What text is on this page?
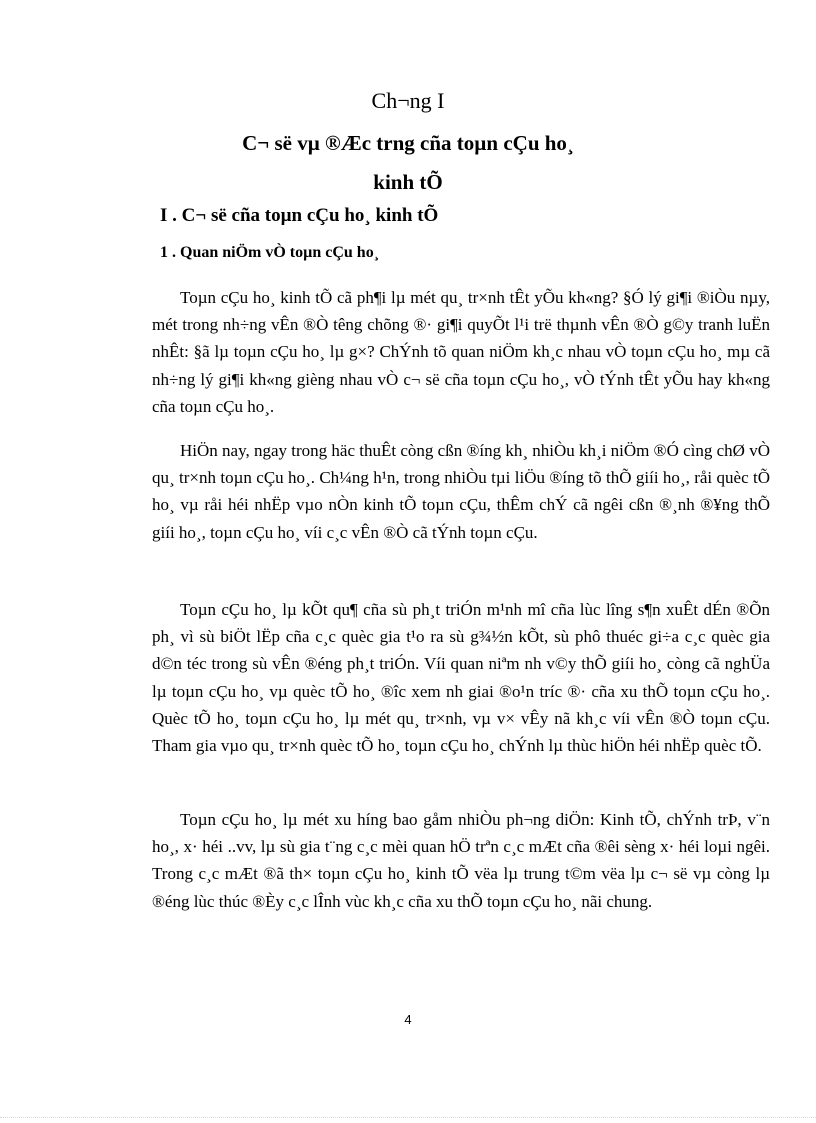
Ch¬ng I
C¬ së vµ ®Æc trng cña toµn cÇu ho¸
kinh tÕ
I . C¬ së cña toµn cÇu ho¸ kinh tÕ
1 . Quan niÖm vÒ toµn cÇu ho¸

Toµn cÇu ho¸ kinh tÕ cã ph¶i lµ mét qu¸ tr×nh tÊt yÕu kh«ng? §Ó lý gi¶i ®iÒu nµy, mét trong nh÷ng vÊn ®Ò têng chõng ®· gi¶i quyÕt l¹i trë thµnh vÊn ®Ò g©y tranh luËn nhÊt: §ã lµ toµn cÇu ho¸ lµ g×? ChÝnh tõ quan niÖm kh¸c nhau vÒ toµn cÇu ho¸ mµ cã nh÷ng lý gi¶i kh«ng gièng nhau vÒ c¬ së cña toµn cÇu ho¸, vÒ tÝnh tÊt yÕu hay kh«ng cña toµn cÇu ho¸.

HiÖn nay, ngay trong häc thuÊt còng cßn ®íng kh¸ nhiÒu kh¸i niÖm ®Ó cìng chØ vÒ qu¸ tr×nh toµn cÇu ho¸. Ch¼ng h¹n, trong nhiÒu tµi liÖu ®íng tõ thÕ giíi ho¸, råi quèc tÕ ho¸ vµ råi héi nhËp vµo nÒn kinh tÕ toµn cÇu, thÊm chÝ cã ngêi cßn ®¸nh ®¥ng thÕ giíi ho¸, toµn cÇu ho¸ víi c¸c vÊn ®Ò cã tÝnh toµn cÇu.

Toµn cÇu ho¸ lµ kÕt qu¶ cña sù ph¸t triÓn m¹nh mî cña lùc lîng s¶n xuÊt dÉn ®Õn ph¸ vì sù biÖt lËp cña c¸c quèc gia t¹o ra sù g¾½n kÕt, sù phô thuéc gi÷a c¸c quèc gia d©n téc trong sù vÊn ®éng ph¸t triÓn. Víi quan niªm nh v©y thÕ giíi ho¸ còng cã nghÜa lµ toµn cÇu ho¸ vµ quèc tÕ ho¸ ®îc xem nh giai ®o¹n tríc ®· cña xu thÕ toµn cÇu ho¸. Quèc tÕ ho¸ toµn cÇu ho¸ lµ mét qu¸ tr×nh, vµ v× vÊy nã kh¸c víi vÊn ®Ò toµn cÇu. Tham gia vµo qu¸ tr×nh quèc tÕ ho¸ toµn cÇu ho¸ chÝnh lµ thùc hiÖn héi nhËp quèc tÕ.

Toµn cÇu ho¸ lµ mét xu híng bao gåm nhiÒu ph¬ng diÖn: Kinh tÕ, chÝnh trÞ, v¨n ho¸, x· héi ..vv, lµ sù gia t¨ng c¸c mèi quan hÖ trªn c¸c mÆt cña ®êi sèng x· héi loµi ngêi. Trong c¸c mÆt ®ã th× toµn cÇu ho¸ kinh tÕ vëa lµ trung t©m vëa lµ c¬ së vµ còng lµ ®éng lùc thúc ®Èy c¸c lÎnh vùc kh¸c cña xu thÕ toµn cÇu ho¸ nãi chung.

4
